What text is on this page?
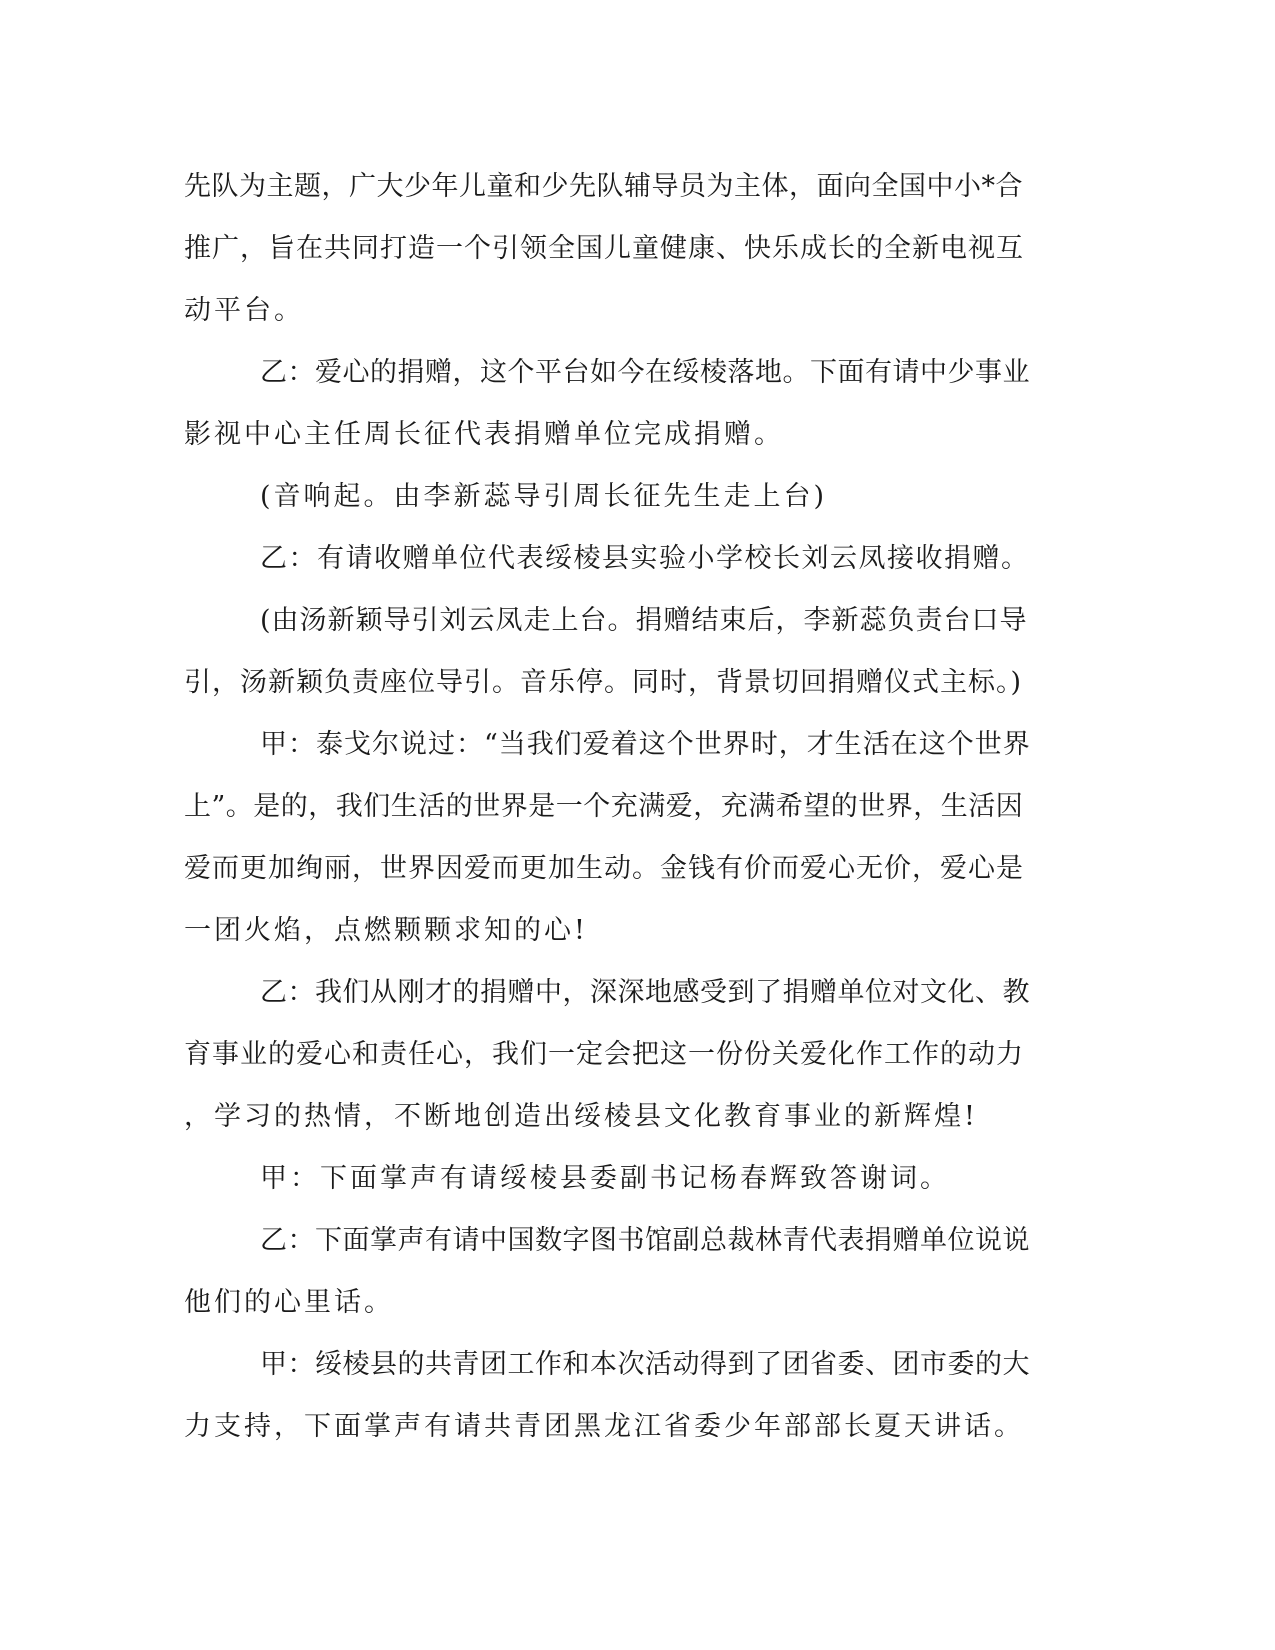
先队为主题，广大少年儿童和少先队辅导员为主体，面向全国中小*合
推广，旨在共同打造一个引领全国儿童健康、快乐成长的全新电视互
动平台。
乙：爱心的捐赠，这个平台如今在绥棱落地。下面有请中少事业
影视中心主任周长征代表捐赠单位完成捐赠。
(音响起。由李新蕊导引周长征先生走上台)
乙：有请收赠单位代表绥棱县实验小学校长刘云凤接收捐赠。
(由汤新颖导引刘云凤走上台。捐赠结束后，李新蕊负责台口导
引，汤新颖负责座位导引。音乐停。同时，背景切回捐赠仪式主标。)
甲：泰戈尔说过：“当我们爱着这个世界时，才生活在这个世界
上”。是的，我们生活的世界是一个充满爱，充满希望的世界，生活因
爱而更加绚丽，世界因爱而更加生动。金钱有价而爱心无价，爱心是
一团火焰，点燃颗颗求知的心!
乙：我们从刚才的捐赠中，深深地感受到了捐赠单位对文化、教
育事业的爱心和责任心，我们一定会把这一份份关爱化作工作的动力
，学习的热情，不断地创造出绥棱县文化教育事业的新辉煌!
甲：下面掌声有请绥棱县委副书记杨春辉致答谢词。
乙：下面掌声有请中国数字图书馆副总裁林青代表捐赠单位说说
他们的心里话。
甲：绥棱县的共青团工作和本次活动得到了团省委、团市委的大
力支持，下面掌声有请共青团黑龙江省委少年部部长夏天讲话。
